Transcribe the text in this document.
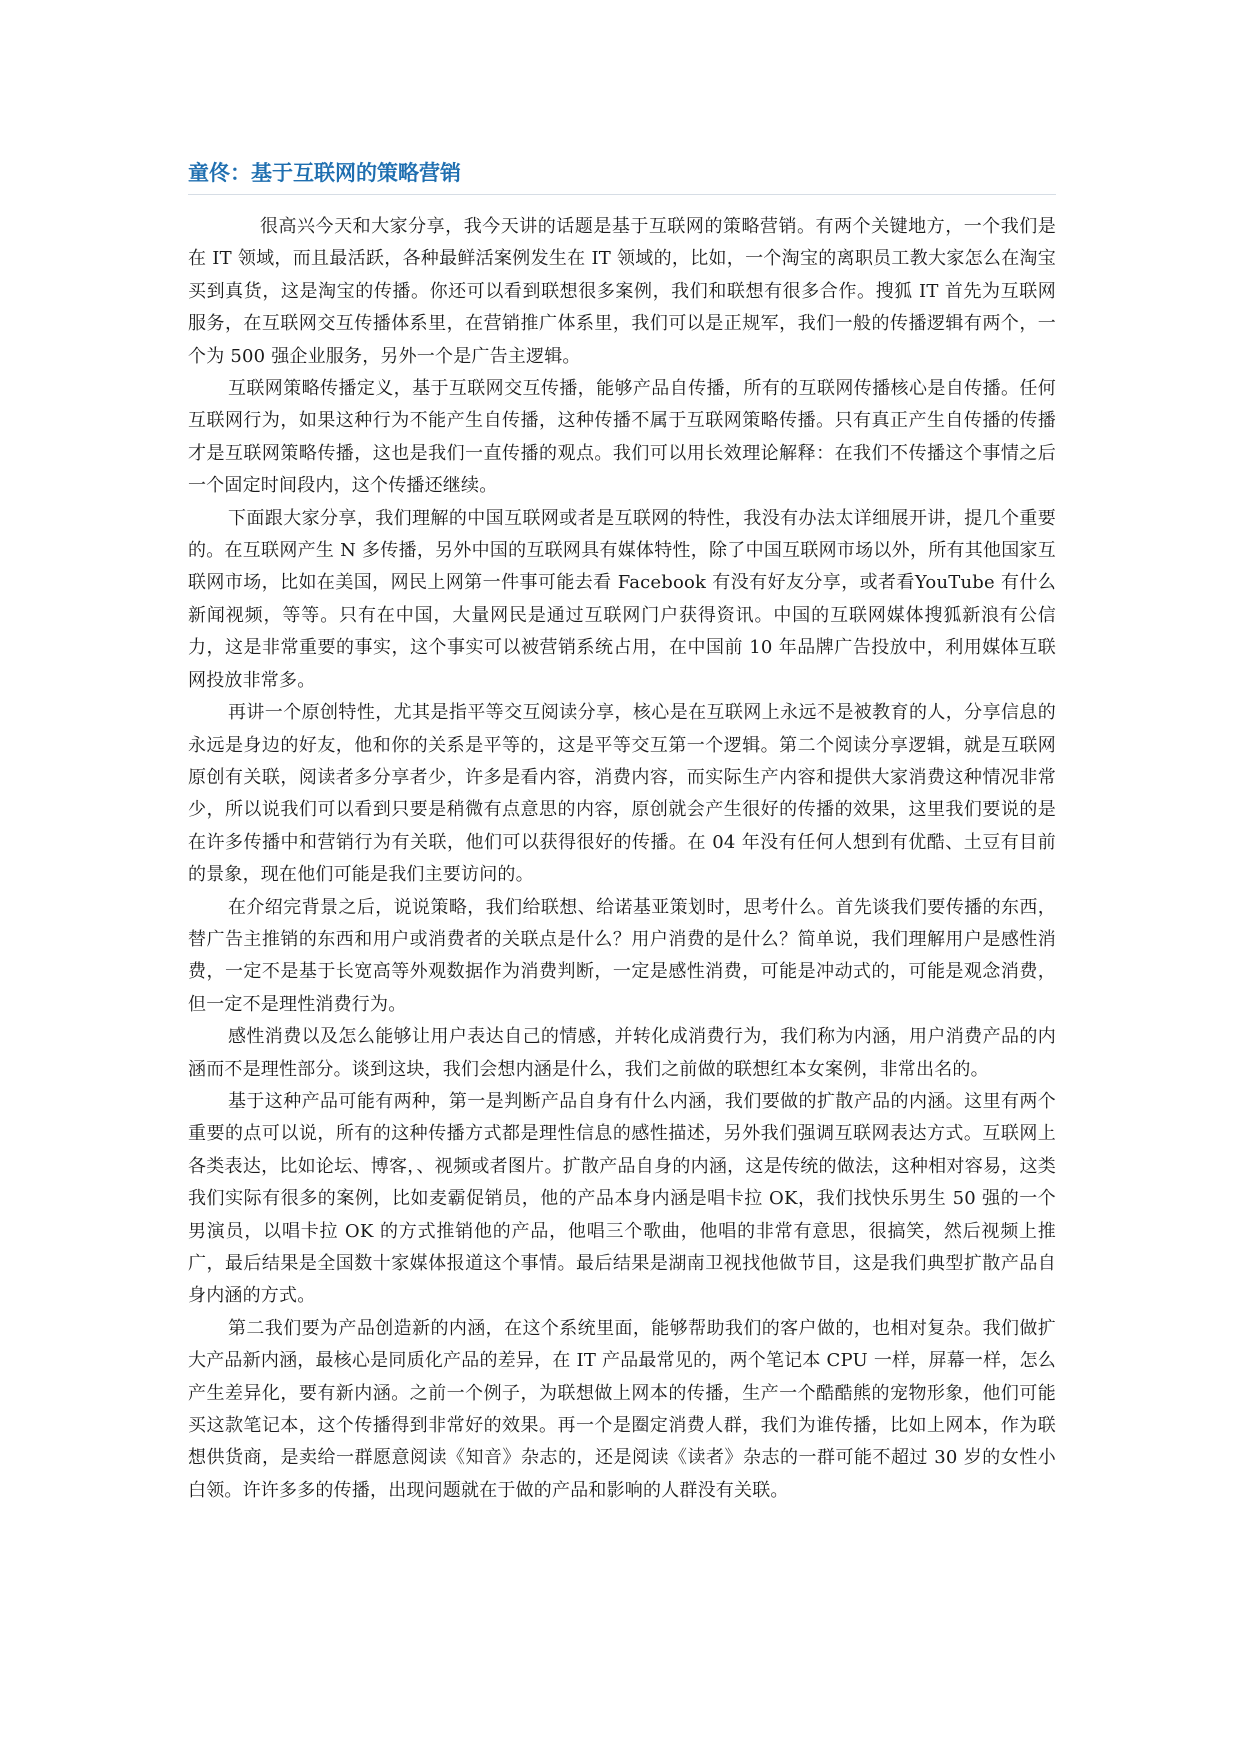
童佟：基于互联网的策略营销

很高兴今天和大家分享，我今天讲的话题是基于互联网的策略营销。有两个关键地方，一个我们是在 IT 领域，而且最活跃，各种最鲜活案例发生在 IT 领域的，比如，一个淘宝的离职员工教大家怎么在淘宝买到真货，这是淘宝的传播。你还可以看到联想很多案例，我们和联想有很多合作。搜狐 IT 首先为互联网服务，在互联网交互传播体系里，在营销推广体系里，我们可以是正规军，我们一般的传播逻辑有两个，一个为 500 强企业服务，另外一个是广告主逻辑。

互联网策略传播定义，基于互联网交互传播，能够产品自传播，所有的互联网传播核心是自传播。任何互联网行为，如果这种行为不能产生自传播，这种传播不属于互联网策略传播。只有真正产生自传播的传播才是互联网策略传播，这也是我们一直传播的观点。我们可以用长效理论解释：在我们不传播这个事情之后一个固定时间段内，这个传播还继续。

下面跟大家分享，我们理解的中国互联网或者是互联网的特性，我没有办法太详细展开讲，提几个重要的。在互联网产生 N 多传播，另外中国的互联网具有媒体特性，除了中国互联网市场以外，所有其他国家互联网市场，比如在美国，网民上网第一件事可能去看 Facebook 有没有好友分享，或者看YouTube 有什么新闻视频，等等。只有在中国，大量网民是通过互联网门户获得资讯。中国的互联网媒体搜狐新浪有公信力，这是非常重要的事实，这个事实可以被营销系统占用，在中国前 10 年品牌广告投放中，利用媒体互联网投放非常多。

再讲一个原创特性，尤其是指平等交互阅读分享，核心是在互联网上永远不是被教育的人，分享信息的永远是身边的好友，他和你的关系是平等的，这是平等交互第一个逻辑。第二个阅读分享逻辑，就是互联网原创有关联，阅读者多分享者少，许多是看内容，消费内容，而实际生产内容和提供大家消费这种情况非常少，所以说我们可以看到只要是稍微有点意思的内容，原创就会产生很好的传播的效果，这里我们要说的是在许多传播中和营销行为有关联，他们可以获得很好的传播。在 04 年没有任何人想到有优酷、土豆有目前的景象，现在他们可能是我们主要访问的。

在介绍完背景之后，说说策略，我们给联想、给诺基亚策划时，思考什么。首先谈我们要传播的东西，替广告主推销的东西和用户或消费者的关联点是什么？用户消费的是什么？简单说，我们理解用户是感性消费，一定不是基于长宽高等外观数据作为消费判断，一定是感性消费，可能是冲动式的，可能是观念消费，但一定不是理性消费行为。

感性消费以及怎么能够让用户表达自己的情感，并转化成消费行为，我们称为内涵，用户消费产品的内涵而不是理性部分。谈到这块，我们会想内涵是什么，我们之前做的联想红本女案例，非常出名的。

基于这种产品可能有两种，第一是判断产品自身有什么内涵，我们要做的扩散产品的内涵。这里有两个重要的点可以说，所有的这种传播方式都是理性信息的感性描述，另外我们强调互联网表达方式。互联网上各类表达，比如论坛、博客，、视频或者图片。扩散产品自身的内涵，这是传统的做法，这种相对容易，这类我们实际有很多的案例，比如麦霸促销员，他的产品本身内涵是唱卡拉 OK，我们找快乐男生 50 强的一个男演员，以唱卡拉 OK 的方式推销他的产品，他唱三个歌曲，他唱的非常有意思，很搞笑，然后视频上推广，最后结果是全国数十家媒体报道这个事情。最后结果是湖南卫视找他做节目，这是我们典型扩散产品自身内涵的方式。

第二我们要为产品创造新的内涵，在这个系统里面，能够帮助我们的客户做的，也相对复杂。我们做扩大产品新内涵，最核心是同质化产品的差异，在 IT 产品最常见的，两个笔记本 CPU 一样，屏幕一样，怎么产生差异化，要有新内涵。之前一个例子，为联想做上网本的传播，生产一个酷酷熊的宠物形象，他们可能买这款笔记本，这个传播得到非常好的效果。再一个是圈定消费人群，我们为谁传播，比如上网本，作为联想供货商，是卖给一群愿意阅读《知音》杂志的，还是阅读《读者》杂志的一群可能不超过 30 岁的女性小白领。许许多多的传播，出现问题就在于做的产品和影响的人群没有关联。
